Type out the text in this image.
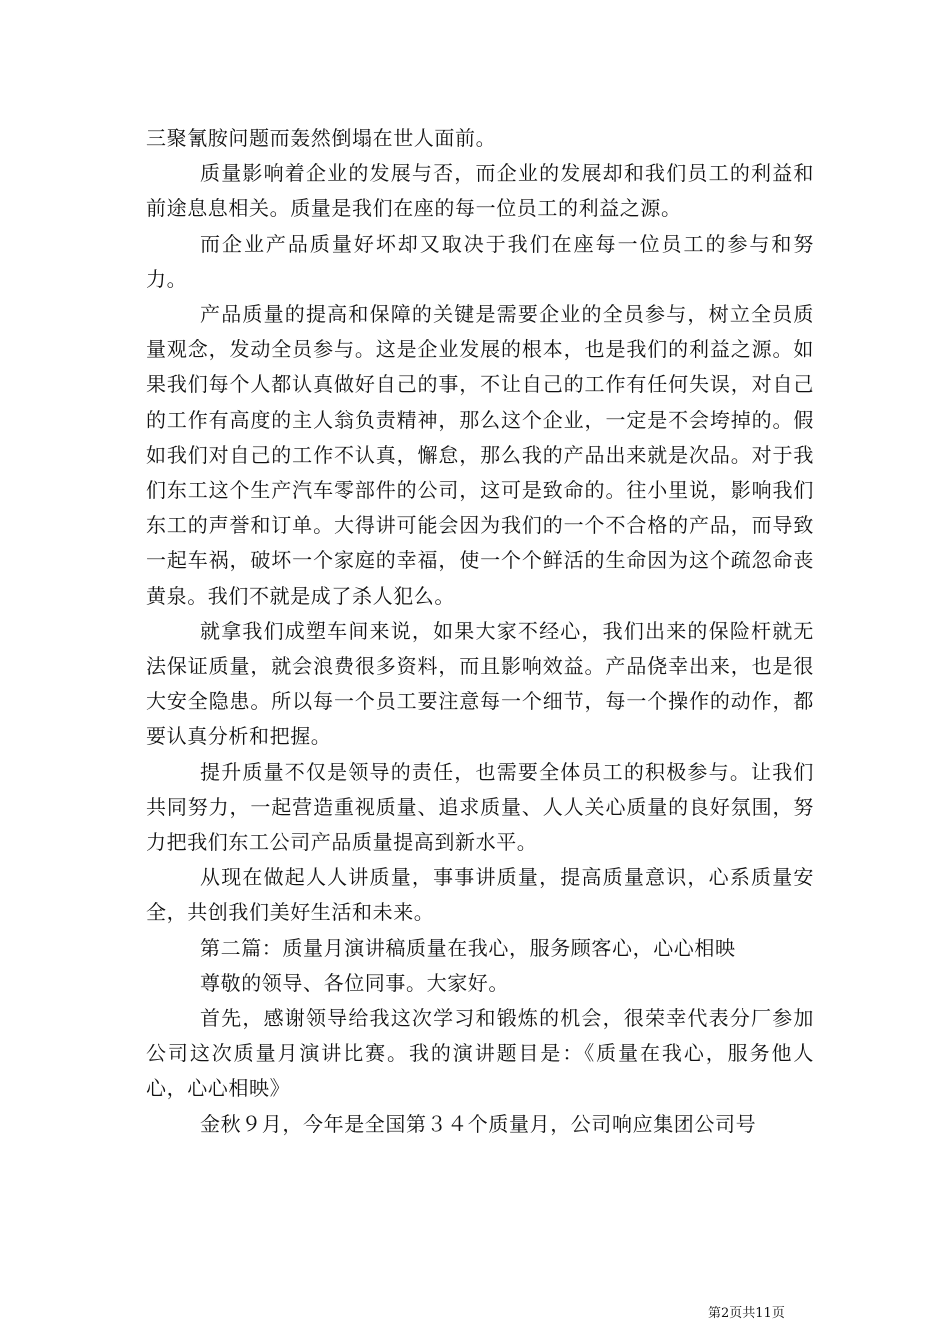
三聚氰胺问题而轰然倒塌在世人面前。

质量影响着企业的发展与否，而企业的发展却和我们员工的利益和前途息息相关。质量是我们在座的每一位员工的利益之源。

而企业产品质量好坏却又取决于我们在座每一位员工的参与和努力。

产品质量的提高和保障的关键是需要企业的全员参与，树立全员质量观念，发动全员参与。这是企业发展的根本，也是我们的利益之源。如果我们每个人都认真做好自己的事，不让自己的工作有任何失误，对自己的工作有高度的主人翁负责精神，那么这个企业，一定是不会垮掉的。假如我们对自己的工作不认真，懈怠，那么我的产品出来就是次品。对于我们东工这个生产汽车零部件的公司，这可是致命的。往小里说，影响我们东工的声誉和订单。大得讲可能会因为我们的一个不合格的产品，而导致一起车祸，破坏一个家庭的幸福，使一个个鲜活的生命因为这个疏忽命丧黄泉。我们不就是成了杀人犯么。

就拿我们成塑车间来说，如果大家不经心，我们出来的保险杆就无法保证质量，就会浪费很多资料，而且影响效益。产品侥幸出来，也是很大安全隐患。所以每一个员工要注意每一个细节，每一个操作的动作，都要认真分析和把握。

提升质量不仅是领导的责任，也需要全体员工的积极参与。让我们共同努力，一起营造重视质量、追求质量、人人关心质量的良好氛围，努力把我们东工公司产品质量提高到新水平。

从现在做起人人讲质量，事事讲质量，提高质量意识，心系质量安全，共创我们美好生活和未来。

第二篇：质量月演讲稿质量在我心，服务顾客心，心心相映

尊敬的领导、各位同事。大家好。

首先，感谢领导给我这次学习和锻炼的机会，很荣幸代表分厂参加公司这次质量月演讲比赛。我的演讲题目是：《质量在我心，服务他人心，心心相映》

金秋９月，今年是全国第３４个质量月，公司响应集团公司号

第2页共11页
